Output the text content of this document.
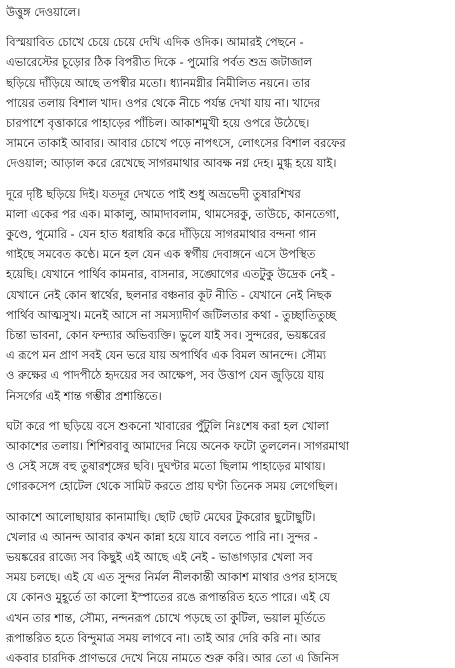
উত্তুঙ্গ দেওয়ালে।
বিস্ময়াবিত চোখে চেয়ে চেয়ে দেখি এদিক ওদিক। আমারই পেছনে -
এভারেস্টের চূড়োর ঠিক বিপরীত দিকে - পুমোরি পর্বত শুভ্র জটাজাল
ছড়িয়ে দাঁড়িয়ে আছে তপস্বীর মতো। ধ্যানমগ্নীর নিমীলিত নয়নে। তার
পায়ের তলায় বিশাল খাদ। ওপর থেকে নীচে পর্যন্ত দেখা যায় না। খাদের
চারপাশে বৃত্তাকারে পাহাড়ের পাঁচিল। আকাশমুখী হয়ে ওপরে উঠেছে।
সামনে তাকাই আবার। আবার চোখে পড়ে নাপৎসে, লোৎসের বিশাল বরফের
দেওয়াল; আড়াল করে রেখেছে সাগরমাথার আবক্ষ নগ্ন দেহ। মুগ্ধ হয়ে যাই।
দূরে দৃষ্টি ছড়িয়ে দিই। যতদূর দেখতে পাই শুধু অভ্রভেদী তুষারশিখর
মালা একের পর এক। মাকালু, আমাদাবলাম, থামসেরকু, তাউচে, কানতেগা,
কুণ্ডে, পুমোরি - যেন হাত ধরাধরি করে দাঁড়িয়ে সাগরমাথার বন্দনা গান
গাইছে সমবেত কণ্ঠে। মনে হল যেন এক স্বর্গীয় দেবাঙ্গনে এসে উপস্থিত
হয়েছি। যেখানে পার্থিব কামনার, বাসনার, সঙ্ঘোগের এতটুকু উদ্রেক নেই -
যেখানে নেই কোন স্বার্থের, ছলনার বঞ্চনার কূট নীতি - যেখানে নেই নিছক
পার্থিব আত্মসুখ। মনেই আসে না সমস্যাদীর্ণ জটিলতার কথা - তুচ্ছাতিতুচ্ছ
চিন্তা ভাবনা, কোন ফন্দ্যার অভিব্যক্তি। ভুলে যাই সব। সুন্দরের, ভয়ঙ্করের
এ রূপে মন প্রাণ সবই যেন ভরে যায় অপার্থিব এক বিমল আনন্দে। সৌম্য
ও রুক্ষের এ পাদপীঠে হৃদয়ের সব আক্ষেপ, সব উত্তাপ যেন জুড়িয়ে যায়
নিসর্গের এই শান্ত গম্ভীর প্রশান্তিতে।
ঘটা করে পা ছড়িয়ে বসে শুকনো খাবারের পুঁটুলি নিঃশেষ করা হল খোলা
আকাশের তলায়। শিশিরবাবু আমাদের নিয়ে অনেক ফটো তুললেন। সাগরমাথা
ও সেই সঙ্গে বহু তুষারশৃঙ্গের ছবি। দুঘণ্টার মতো ছিলাম পাহাড়ের মাথায়।
গোরকসেপ হোটেল থেকে সামিট করতে প্রায় ঘণ্টা তিনেক সময় লেগেছিল।
আকাশে আলোছায়ার কানামাছি। ছোট ছোট মেঘের টুকরোর ছুটোছুটি।
খেলার এ আনন্দ আবার কখন কান্না হয়ে যাবে বলতে পারি না। সুন্দর -
ভয়ঙ্করের রাজ্যে সব কিছুই এই আছে এই নেই - ভাঙাগড়ার খেলা সব
সময় চলছে। এই যে এত সুন্দর নির্মল নীলকান্তী আকাশ মাথার ওপর হাসছে
যে কোনও মুহূর্তে তা কালো ইস্পাতের রঙে রূপান্তরিত হতে পারে। এই যে
এখন তার শান্ত, সৌম্য, নন্দনরূপ চোখে পড়ছে তা কুটিল, ভয়াল মূর্তিতে
রূপান্তরিত হতে বিন্দুমাত্র সময় লাগবে না। তাই আর দেরি করি না। আর
একবার চারদিক প্রাণভরে দেখে নিয়ে নামতে শুরু করি। আর তো এ জিনিস
